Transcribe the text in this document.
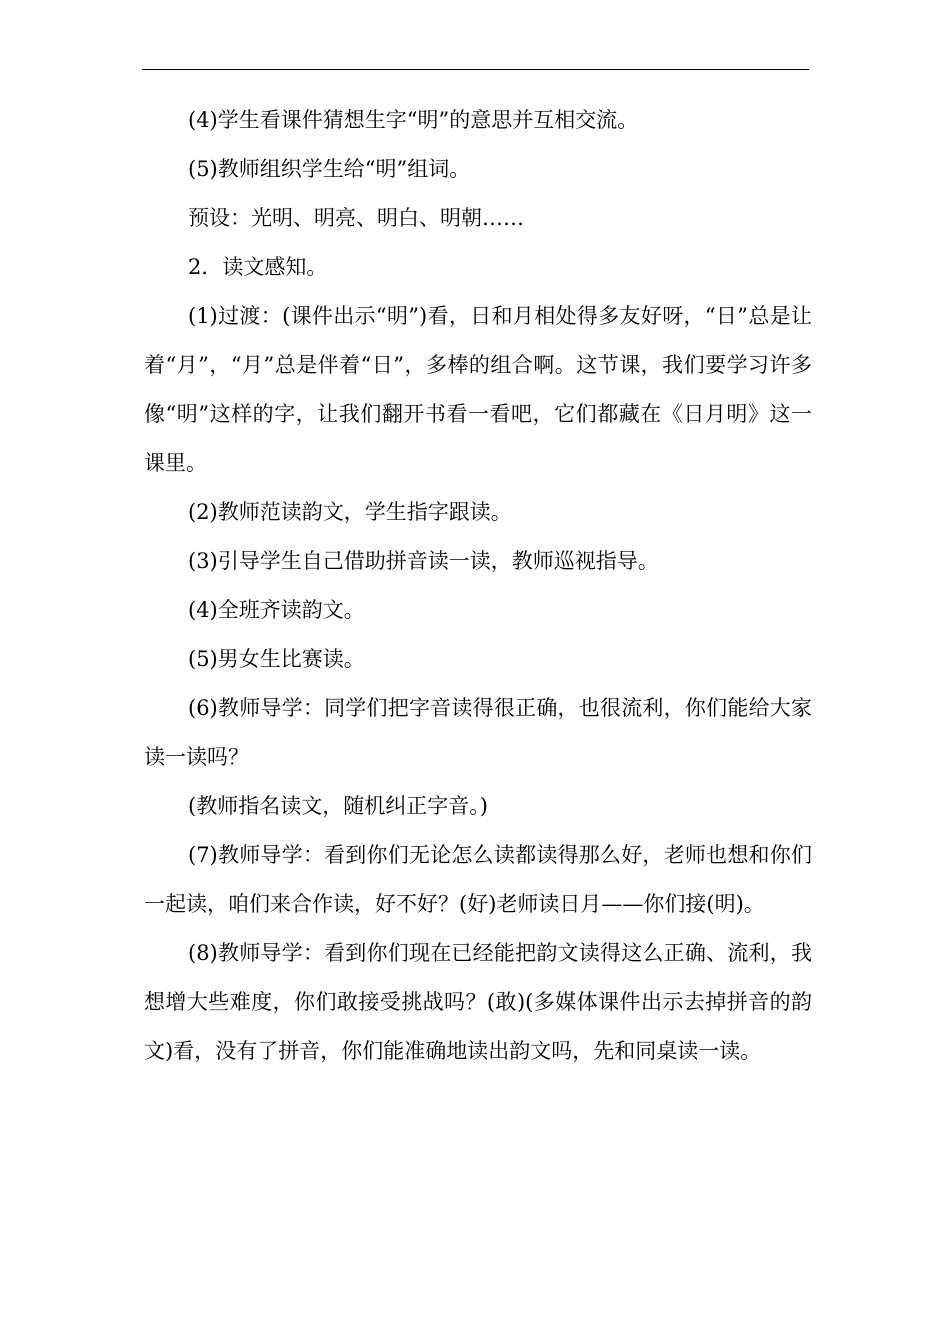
(4)学生看课件猜想生字“明”的意思并互相交流。

(5)教师组织学生给“明”组词。

预设：光明、明亮、明白、明朝……

2．读文感知。

(1)过渡：(课件出示“明”)看，日和月相处得多友好呀，“日”总是让着“月”，“月”总是伴着“日”，多棒的组合啊。这节课，我们要学习许多像“明”这样的字，让我们翻开书看一看吧，它们都藏在《日月明》这一课里。

(2)教师范读韵文，学生指字跟读。

(3)引导学生自己借助拼音读一读，教师巡视指导。

(4)全班齐读韵文。

(5)男女生比赛读。

(6)教师导学：同学们把字音读得很正确，也很流利，你们能给大家读一读吗？

(教师指名读文，随机纠正字音。)

(7)教师导学：看到你们无论怎么读都读得那么好，老师也想和你们一起读，咱们来合作读，好不好？(好)老师读日月——你们接(明)。

(8)教师导学：看到你们现在已经能把韵文读得这么正确、流利，我想增大些难度，你们敢接受挑战吗？(敢)(多媒体课件出示去掉拼音的韵文)看，没有了拼音，你们能准确地读出韵文吗，先和同桌读一读。
